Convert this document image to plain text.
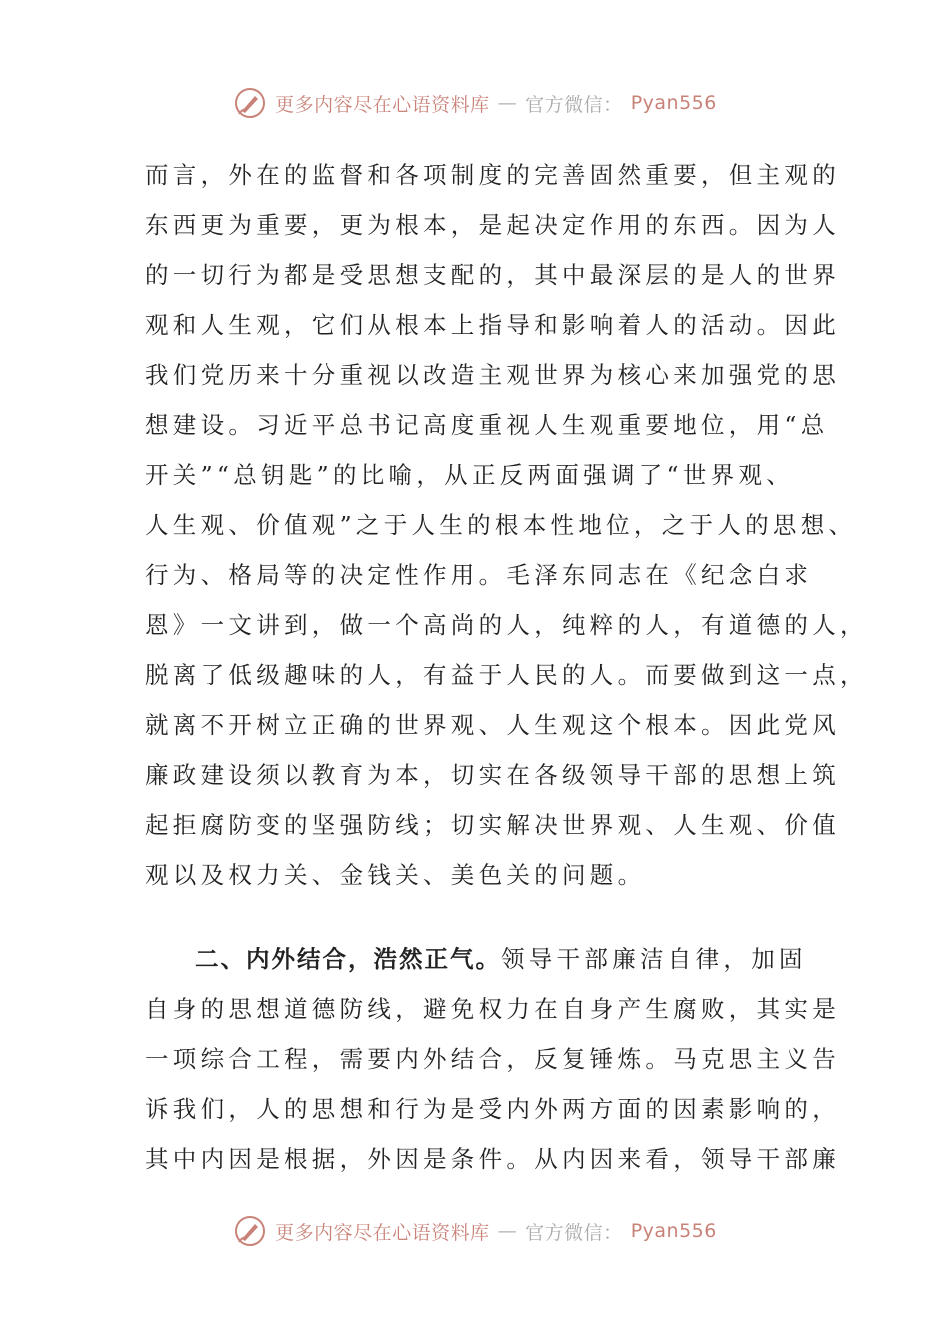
更多内容尽在心语资料库 — 官方微信： Pyan556
而言，外在的监督和各项制度的完善固然重要，但主观的
东西更为重要，更为根本，是起决定作用的东西。因为人
的一切行为都是受思想支配的，其中最深层的是人的世界
观和人生观，它们从根本上指导和影响着人的活动。因此
我们党历来十分重视以改造主观世界为核心来加强党的思
想建设。习近平总书记高度重视人生观重要地位，用“总
开关”“总钥匙”的比喻，从正反两面强调了“世界观、
人生观、价值观”之于人生的根本性地位，之于人的思想、
行为、格局等的决定性作用。毛泽东同志在《纪念白求
恩》一文讲到，做一个高尚的人，纯粹的人，有道德的人，
脱离了低级趣味的人，有益于人民的人。而要做到这一点，
就离不开树立正确的世界观、人生观这个根本。因此党风
廉政建设须以教育为本，切实在各级领导干部的思想上筑
起拒腐防变的坚强防线；切实解决世界观、人生观、价值
观以及权力关、金钱关、美色关的问题。
二、内外结合，浩然正气。领导干部廉洁自律，加固
自身的思想道德防线，避免权力在自身产生腐败，其实是
一项综合工程，需要内外结合，反复锤炼。马克思主义告
诉我们，人的思想和行为是受内外两方面的因素影响的，
其中内因是根据，外因是条件。从内因来看，领导干部廉
更多内容尽在心语资料库 — 官方微信： Pyan556
